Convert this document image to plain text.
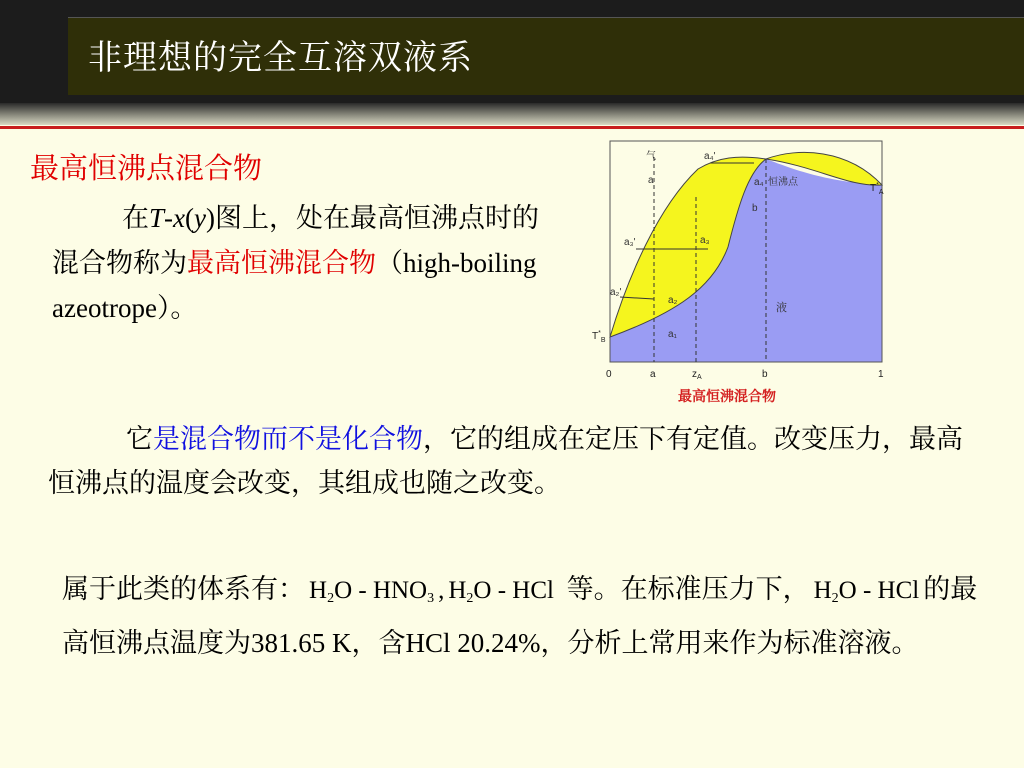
非理想的完全互溶双液系
最高恒沸点混合物
在T-x(y)图上，处在最高恒沸点时的混合物称为最高恒沸混合物（high-boiling azeotrope）。
它是混合物而不是化合物，它的组成在定压下有定值。改变压力，最高恒沸点的温度会改变，其组成也随之改变。
属于此类的体系有： $H_2O - HNO_3$ , $H_2O$ - HCl 等。在标准压力下， $H_2O$ - HCl 的最高恒沸点温度为381.65 K，含HCl 20.24%，分析上常用来作为标准溶液。
气
a
a₄'
a₄ 恒沸点
b
a₃'	a₃
a₂'
a₂
a₁
液
$T^*_B$
$T^*_A$
0	a	$z_A$	b	1
最高恒沸混合物
